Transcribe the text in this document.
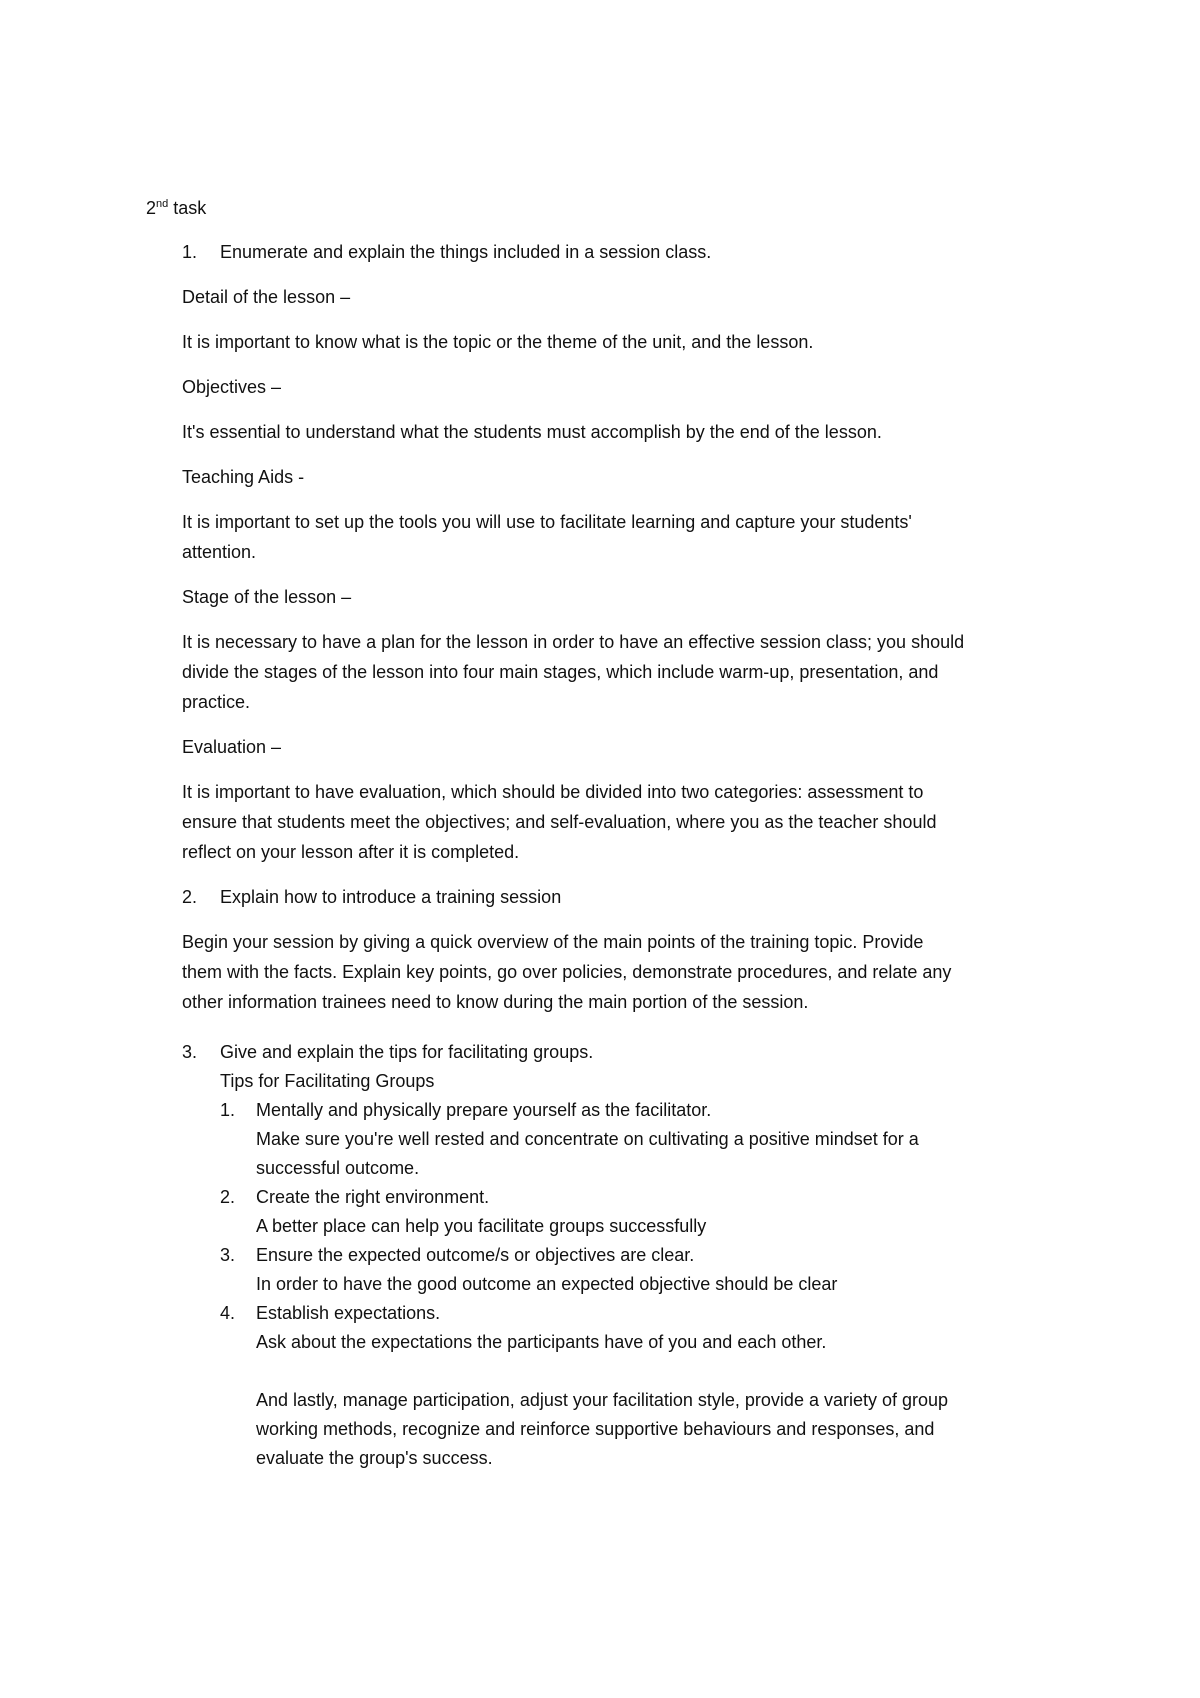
2nd task
1. Enumerate and explain the things included in a session class.
Detail of the lesson –
It is important to know what is the topic or the theme of the unit, and the lesson.
Objectives –
It's essential to understand what the students must accomplish by the end of the lesson.
Teaching Aids -
It is important to set up the tools you will use to facilitate learning and capture your students'
attention.
Stage of the lesson –
It is necessary to have a plan for the lesson in order to have an effective session class; you should
divide the stages of the lesson into four main stages, which include warm-up, presentation, and
practice.
Evaluation –
It is important to have evaluation, which should be divided into two categories: assessment to
ensure that students meet the objectives; and self-evaluation, where you as the teacher should
reflect on your lesson after it is completed.
2. Explain how to introduce a training session
Begin your session by giving a quick overview of the main points of the training topic. Provide
them with the facts. Explain key points, go over policies, demonstrate procedures, and relate any
other information trainees need to know during the main portion of the session.
3. Give and explain the tips for facilitating groups.
Tips for Facilitating Groups
1. Mentally and physically prepare yourself as the facilitator.
Make sure you're well rested and concentrate on cultivating a positive mindset for a
successful outcome.
2. Create the right environment.
A better place can help you facilitate groups successfully
3. Ensure the expected outcome/s or objectives are clear.
In order to have the good outcome an expected objective should be clear
4. Establish expectations.
Ask about the expectations the participants have of you and each other.
And lastly, manage participation, adjust your facilitation style, provide a variety of group
working methods, recognize and reinforce supportive behaviours and responses, and
evaluate the group's success.
